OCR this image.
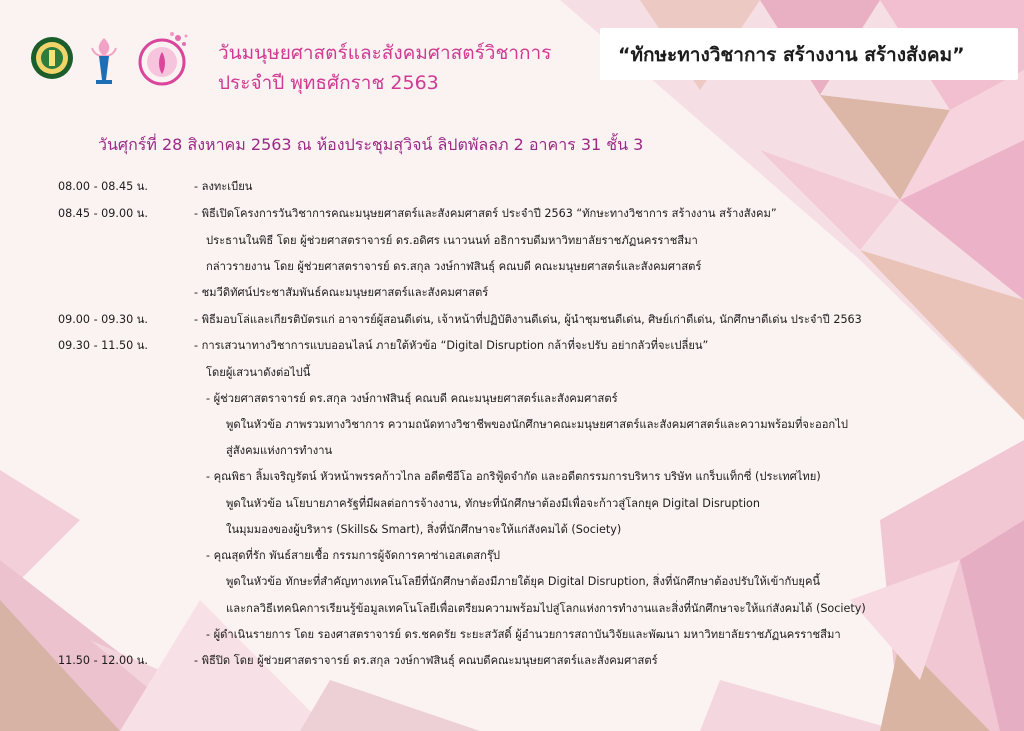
วันมนุษยศาสตร์และสังคมศาสตร์วิชาการ
ประจำปี พุทธศักราช 2563
“ทักษะทางวิชาการ สร้างงาน สร้างสังคม”
วันศุกร์ที่ 28 สิงหาคม 2563 ณ ห้องประชุมสุวิจน์ ลิปตพัลลภ 2 อาคาร 31 ชั้น 3
08.00 - 08.45 น.
08.45 - 09.00 น.
09.00 - 09.30 น.
09.30 - 11.50 น.
11.50 - 12.00 น.
- ลงทะเบียน
- พิธีเปิดโครงการวันวิชาการคณะมนุษยศาสตร์และสังคมศาสตร์ ประจำปี 2563 “ทักษะทางวิชาการ สร้างงาน สร้างสังคม”
ประธานในพิธี โดย ผู้ช่วยศาสตราจารย์ ดร.อดิศร เนาวนนท์ อธิการบดีมหาวิทยาลัยราชภัฏนครราชสีมา
กล่าวรายงาน โดย ผู้ช่วยศาสตราจารย์ ดร.สกุล วงษ์กาฬสินธุ์ คณบดี คณะมนุษยศาสตร์และสังคมศาสตร์
- ชมวีดิทัศน์ประชาสัมพันธ์คณะมนุษยศาสตร์และสังคมศาสตร์
- พิธีมอบโล่และเกียรติบัตรแก่ อาจารย์ผู้สอนดีเด่น, เจ้าหน้าที่ปฏิบัติงานดีเด่น, ผู้นำชุมชนดีเด่น, ศิษย์เก่าดีเด่น, นักศึกษาดีเด่น ประจำปี 2563
- การเสวนาทางวิชาการแบบออนไลน์ ภายใต้หัวข้อ “Digital Disruption กล้าที่จะปรับ อย่ากลัวที่จะเปลี่ยน”
โดยผู้เสวนาดังต่อไปนี้
- ผู้ช่วยศาสตราจารย์ ดร.สกุล วงษ์กาฬสินธุ์ คณบดี คณะมนุษยศาสตร์และสังคมศาสตร์
พูดในหัวข้อ ภาพรวมทางวิชาการ ความถนัดทางวิชาชีพของนักศึกษาคณะมนุษยศาสตร์และสังคมศาสตร์และความพร้อมที่จะออกไป
สู่สังคมแห่งการทำงาน
- คุณพิธา ลิ้มเจริญรัตน์ หัวหน้าพรรคก้าวไกล อดีตซีอีโอ อกริฟู้ดจำกัด และอดีตกรรมการบริหาร บริษัท แกร็บแท็กซี่ (ประเทศไทย)
พูดในหัวข้อ นโยบายภาครัฐที่มีผลต่อการจ้างงาน, ทักษะที่นักศึกษาต้องมีเพื่อจะก้าวสู่โลกยุค Digital Disruption
ในมุมมองของผู้บริหาร (Skills& Smart), สิ่งที่นักศึกษาจะให้แก่สังคมได้ (Society)
- คุณสุดที่รัก พันธ์สายเชื้อ กรรมการผู้จัดการคาซ่าเอสเตสกรุ๊ป
พูดในหัวข้อ ทักษะที่สำคัญทางเทคโนโลยีที่นักศึกษาต้องมีภายใต้ยุค Digital Disruption, สิ่งที่นักศึกษาต้องปรับให้เข้ากับยุคนี้
และกลวิธีเทคนิคการเรียนรู้ข้อมูลเทคโนโลยีเพื่อเตรียมความพร้อมไปสู่โลกแห่งการทำงานและสิ่งที่นักศึกษาจะให้แก่สังคมได้ (Society)
- ผู้ดำเนินรายการ โดย รองศาสตราจารย์ ดร.ชคดรัย ระยะสวัสดิ์ ผู้อำนวยการสถาบันวิจัยและพัฒนา มหาวิทยาลัยราชภัฏนครราชสีมา
- พิธีปิด โดย ผู้ช่วยศาสตราจารย์ ดร.สกุล วงษ์กาฬสินธุ์ คณบดีคณะมนุษยศาสตร์และสังคมศาสตร์
